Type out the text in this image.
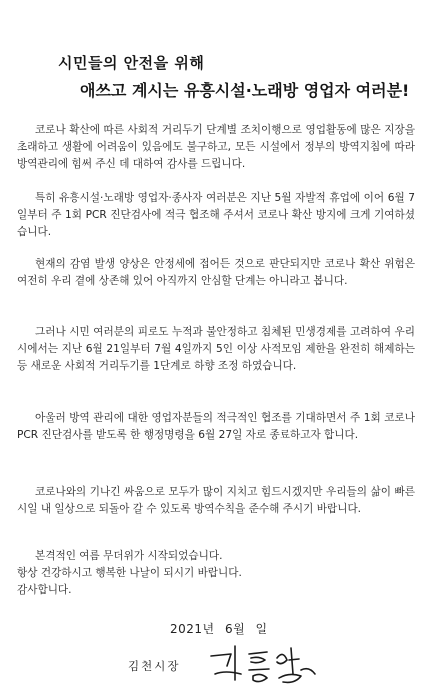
시민들의 안전을 위해
애쓰고 계시는 유흥시설·노래방 영업자 여러분!
코로나 확산에 따른 사회적 거리두기 단계별 조치이행으로 영업활동에 많은 지장을 초래하고 생활에 어려움이 있음에도 불구하고, 모든 시설에서 정부의 방역지침에 따라 방역관리에 힘써 주신 데 대하여 감사를 드립니다.
특히 유흥시설·노래방 영업자·종사자 여러분은 지난 5월 자발적 휴업에 이어 6월 7일부터 주 1회 PCR 진단검사에 적극 협조해 주셔서 코로나 확산 방지에 크게 기여하셨습니다.
현재의 감염 발생 양상은 안정세에 접어든 것으로 판단되지만 코로나 확산 위험은 여전히 우리 곁에 상존해 있어 아직까지 안심할 단계는 아니라고 봅니다.
그러나 시민 여러분의 피로도 누적과 불안정하고 침체된 민생경제를 고려하여 우리시에서는 지난 6월 21일부터 7월 4일까지 5인 이상 사적모임 제한을 완전히 해제하는 등 새로운 사회적 거리두기를 1단계로 하향 조정 하였습니다.
아울러 방역 관리에 대한 영업자분들의 적극적인 협조를 기대하면서 주 1회 코로나 PCR 진단검사를 받도록 한 행정명령을 6월 27일 자로 종료하고자 합니다.
코로나와의 기나긴 싸움으로 모두가 많이 지치고 힘드시겠지만 우리들의 삶이 빠른 시일 내 일상으로 되돌아 갈 수 있도록 방역수칙을 준수해 주시기 바랍니다.
본격적인 여름 무더위가 시작되었습니다.
항상 건강하시고 행복한 나날이 되시기 바랍니다.
감사합니다.
2021년 6월 일
김천시장
